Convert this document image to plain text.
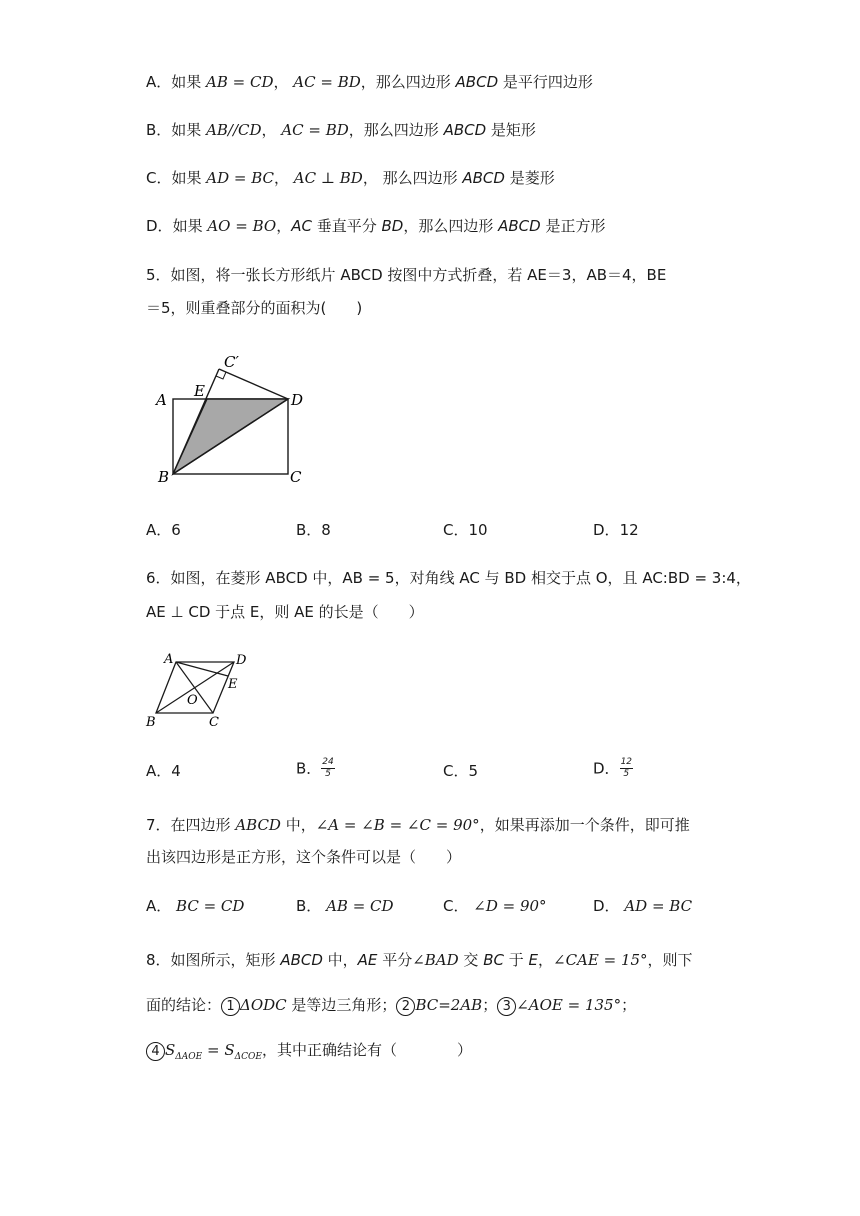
A．如果 AB = CD， AC = BD，那么四边形 ABCD 是平行四边形
B．如果 AB//CD， AC = BD，那么四边形 ABCD 是矩形
C．如果 AD = BC， AC ⊥ BD， 那么四边形 ABCD 是菱形
D．如果 AO = BO，AC 垂直平分 BD，那么四边形 ABCD 是正方形
5．如图，将一张长方形纸片 ABCD 按图中方式折叠，若 AE＝3，AB＝4，BE
＝5，则重叠部分的面积为(　　)
A
B	C
D
E
C′
A．6	B．8	C．10	D．12
6．如图，在菱形 ABCD 中，AB = 5，对角线 AC 与 BD 相交于点 O，且 AC:BD = 3:4，
AE ⊥ CD 于点 E，则 AE 的长是（　　）
A
B	C
D
E
O
A．4	B． $\frac{24}{5}$	C．5	D． $\frac{12}{5}$
7．在四边形 ABCD 中，∠A = ∠B = ∠C = 90°，如果再添加一个条件，即可推
出该四边形是正方形，这个条件可以是（　　）
A． BC = CD	B． AB = CD	C． ∠D = 90°	D． AD = BC
8．如图所示，矩形 ABCD 中，AE 平分∠BAD 交 BC 于 E，∠CAE = 15°，则下
面的结论： 1 ΔODC 是等边三角形； 2 BC=2AB； 3 ∠AOE = 135°；
4 $S_{\Delta AOE} = S_{\Delta COE}$，其中正确结论有（　　　　）
